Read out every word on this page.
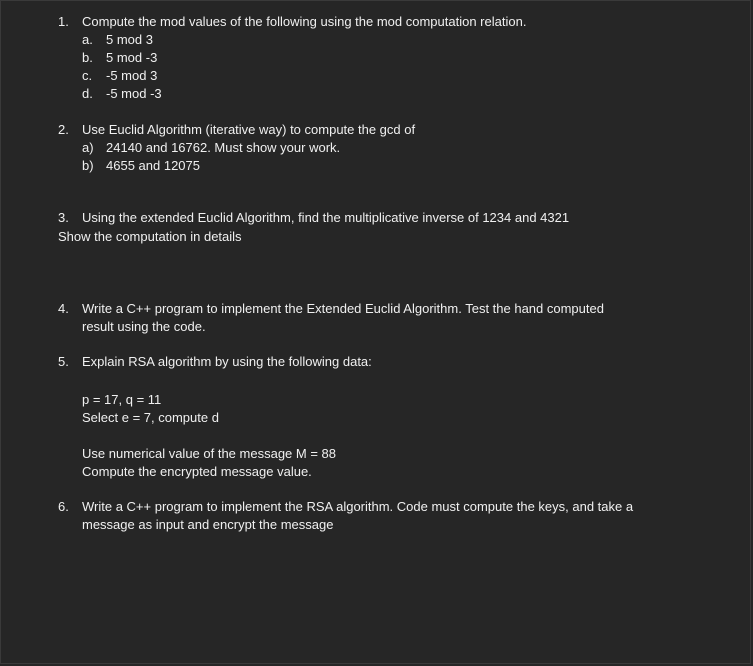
1. Compute the mod values of the following using the mod computation relation.
a. 5 mod 3
b. 5 mod -3
c. -5 mod 3
d. -5 mod -3
2. Use Euclid Algorithm (iterative way) to compute the gcd of
a) 24140 and 16762. Must show your work.
b) 4655 and 12075
3. Using the extended Euclid Algorithm, find the multiplicative inverse of 1234 and 4321
Show the computation in details
4. Write a C++ program to implement the Extended Euclid Algorithm. Test the hand computed
result using the code.
5. Explain RSA algorithm by using the following data:
p = 17, q = 11
Select e = 7, compute d
Use numerical value of the message M = 88
Compute the encrypted message value.
6. Write a C++ program to implement the RSA algorithm. Code must compute the keys, and take a
message as input and encrypt the message
